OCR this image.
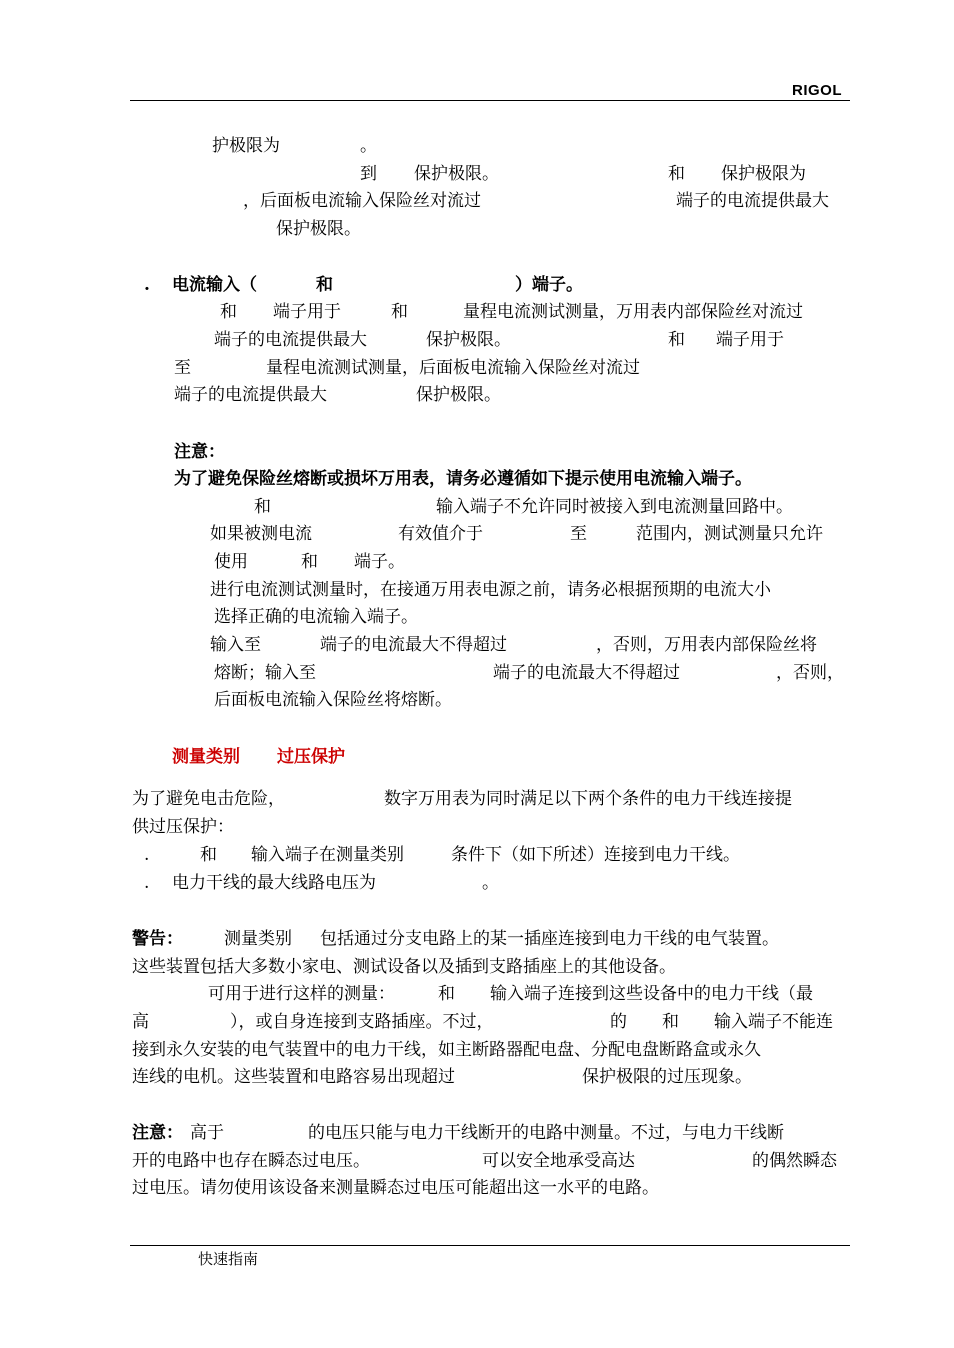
RIGOL
护极限为	。
到 保护极限。	和 保护极限为
，后面板电流输入保险丝对流过	端子的电流提供最大
保护极限。
. 电流输入（	和	）端子。
和 端子用于	和	量程电流测试测量，万用表内部保险丝对流过
端子的电流提供最大	保护极限。	和 端子用于
至	量程电流测试测量，后面板电流输入保险丝对流过
端子的电流提供最大	保护极限。
注意：
为了避免保险丝熔断或损坏万用表，请务必遵循如下提示使用电流输入端子。
和	输入端子不允许同时被接入到电流测量回路中。
如果被测电流	有效值介于	至	范围内，测试测量只允许
使用	和 端子。
进行电流测试测量时，在接通万用表电源之前，请务必根据预期的电流大小
选择正确的电流输入端子。
输入至	端子的电流最大不得超过	，否则，万用表内部保险丝将
熔断；输入至	端子的电流最大不得超过	，否则，
后面板电流输入保险丝将熔断。
测量类别 过压保护
为了避免电击危险，	数字万用表为同时满足以下两个条件的电力干线连接提
供过压保护：
.	和 输入端子在测量类别	条件下（如下所述）连接到电力干线。
. 电力干线的最大线路电压为	。
警告： 测量类别 包括通过分支电路上的某一插座连接到电力干线的电气装置。
这些装置包括大多数小家电、测试设备以及插到支路插座上的其他设备。
可用于进行这样的测量：	和 输入端子连接到这些设备中的电力干线（最
高	），或自身连接到支路插座。不过，	的 和 输入端子不能连
接到永久安装的电气装置中的电力干线，如主断路器配电盘、分配电盘断路盒或永久
连线的电机。这些装置和电路容易出现超过	保护极限的过压现象。
注意： 高于	的电压只能与电力干线断开的电路中测量。不过，与电力干线断
开的电路中也存在瞬态过电压。	可以安全地承受高达	的偶然瞬态
过电压。请勿使用该设备来测量瞬态过电压可能超出这一水平的电路。
快速指南
